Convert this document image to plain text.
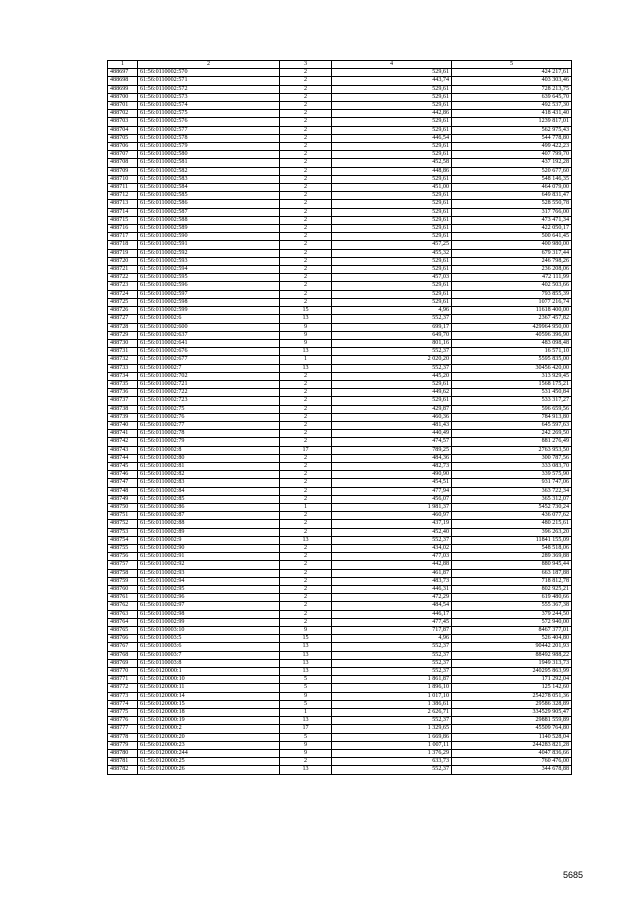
1	2	3	4	5
488697	61:56:0110002:570	2	529,61	424 217,61
488698	61:56:0110002:571	2	443,74	403 303,46
488699	61:56:0110002:572	2	529,61	728 213,75
488700	61:56:0110002:573	2	529,61	639 645,70
488701	61:56:0110002:574	2	529,61	492 537,30
488702	61:56:0110002:575	2	442,86	418 431,40
488703	61:56:0110002:576	2	529,61	1239 817,01
488704	61:56:0110002:577	2	529,61	562 975,43
488705	61:56:0110002:578	2	446,54	544 778,80
488706	61:56:0110002:579	2	529,61	499 422,23
488707	61:56:0110002:580	2	529,61	407 799,70
488708	61:56:0110002:581	2	452,58	437 192,28
488709	61:56:0110002:582	2	448,86	520 677,60
488710	61:56:0110002:583	2	529,61	548 146,35
488711	61:56:0110002:584	2	451,00	464 079,00
488712	61:56:0110002:585	2	529,61	649 831,47
488713	61:56:0110002:586	2	529,61	528 550,78
488714	61:56:0110002:587	2	529,61	317 766,00
488715	61:56:0110002:588	2	529,61	473 471,34
488716	61:56:0110002:589	2	529,61	422 050,17
488717	61:56:0110002:590	2	529,61	500 641,45
488718	61:56:0110002:591	2	457,25	400 980,00
488719	61:56:0110002:592	2	455,32	679 317,44
488720	61:56:0110002:593	2	529,61	246 798,26
488721	61:56:0110002:594	2	529,61	236 208,06
488722	61:56:0110002:595	2	457,03	472 111,99
488723	61:56:0110002:596	2	529,61	402 503,66
488724	61:56:0110002:597	2	529,61	793 855,39
488725	61:56:0110002:598	2	529,61	1077 216,74
488726	61:56:0110002:599	15	4,96	11618 400,00
488727	61:56:0110002:6	13	552,37	2367 457,82
488728	61:56:0110002:600	9	699,17	429964 950,00
488729	61:56:0110002:637	9	649,70	40596 396,90
488730	61:56:0110002:641	9	801,16	483 098,48
488731	61:56:0110002:676	13	552,37	16 571,10
488732	61:56:0110002:677	1	2 020,20	5595 835,00
488733	61:56:0110002:7	13	552,37	30456 420,00
488734	61:56:0110002:702	2	445,20	313 929,45
488735	61:56:0110002:721	2	529,61	1568 175,21
488736	61:56:0110002:722	2	449,62	531 450,84
488737	61:56:0110002:723	2	529,61	533 317,27
488738	61:56:0110002:75	2	429,87	596 659,56
488739	61:56:0110002:76	2	460,36	784 913,80
488740	61:56:0110002:77	2	481,43	645 597,63
488741	61:56:0110002:78	2	440,49	242 269,50
488742	61:56:0110002:79	2	474,57	881 276,49
488743	61:56:0110002:8	17	789,25	2763 953,50
488744	61:56:0110002:80	2	484,36	300 787,56
488745	61:56:0110002:81	2	482,73	333 083,70
488746	61:56:0110002:82	2	490,90	339 575,90
488747	61:56:0110002:83	2	454,51	931 747,06
488748	61:56:0110002:84	2	477,94	363 722,34
488749	61:56:0110002:85	2	456,07	365 312,07
488750	61:56:0110002:86	1	1 981,37	5452 730,24
488751	61:56:0110002:87	2	460,97	436 077,62
488752	61:56:0110002:88	2	437,19	480 215,61
488753	61:56:0110002:89	2	452,40	396 263,20
488754	61:56:0110002:9	13	552,37	11841 155,09
488755	61:56:0110002:90	2	434,02	548 518,06
488756	61:56:0110002:91	2	477,03	289 369,88
488757	61:56:0110002:92	2	442,88	880 945,44
488758	61:56:0110002:93	2	461,87	663 187,88
488759	61:56:0110002:94	2	483,73	718 812,78
488760	61:56:0110002:95	2	446,31	802 925,21
488761	61:56:0110002:96	2	472,29	619 480,66
488762	61:56:0110002:97	2	484,54	555 367,38
488763	61:56:0110002:98	2	446,17	379 244,50
488764	61:56:0110002:99	2	477,45	572 940,00
488765	61:56:0110003:10	9	717,87	8467 377,01
488766	61:56:0110003:5	15	4,96	526 404,80
488767	61:56:0110003:6	13	552,37	90442 201,93
488768	61:56:0110003:7	13	552,37	88492 988,22
488769	61:56:0110003:8	13	552,37	1949 313,73
488770	61:56:0120000:1	13	552,37	240295 863,99
488771	61:56:0120000:10	5	1 861,87	171 292,04
488772	61:56:0120000:11	5	1 896,10	125 142,60
488773	61:56:0120000:14	9	1 017,10	254278 051,36
488774	61:56:0120000:15	5	1 386,61	29586 328,89
488775	61:56:0120000:18	1	2 626,71	334529 905,47
488776	61:56:0120000:19	13	552,37	29881 559,89
488777	61:56:0120000:2	17	1 329,65	45509 764,80
488778	61:56:0120000:20	5	1 669,86	1140 528,04
488779	61:56:0120000:23	9	1 007,11	244283 821,28
488780	61:56:0120000:244	9	1 376,29	4047 836,66
488781	61:56:0120000:25	2	633,73	760 476,00
488782	61:56:0120000:26	13	552,37	344 678,88
5685
